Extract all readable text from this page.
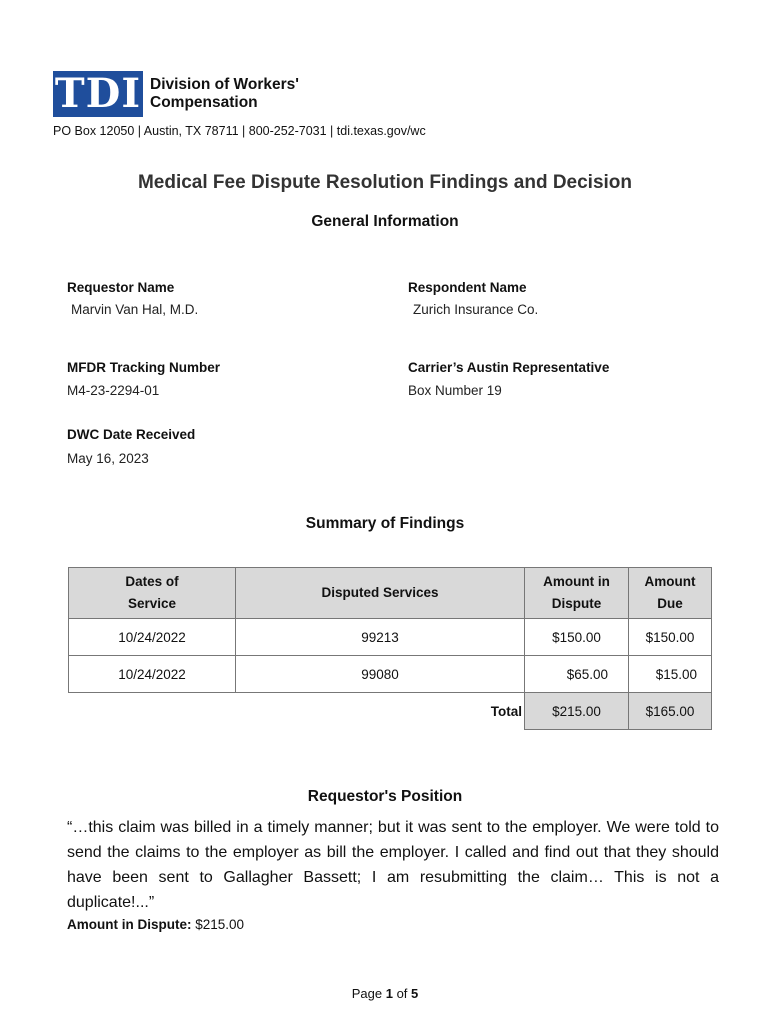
TDI Division of Workers'
Compensation
PO Box 12050 | Austin, TX 78711 | 800-252-7031 | tdi.texas.gov/wc
Medical Fee Dispute Resolution Findings and Decision
General Information
Requestor Name
Marvin Van Hal, M.D.
Respondent Name
Zurich Insurance Co.
MFDR Tracking Number
M4-23-2294-01
Carrier’s Austin Representative
Box Number 19
DWC Date Received
May 16, 2023
Summary of Findings
Dates of Service	Disputed Services	Amount in Dispute	Amount Due

10/24/2022	99213	$150.00	$150.00
10/24/2022	99080	$65.00	$15.00
	Total	$215.00	$165.00
Requestor's Position
“…this claim was billed in a timely manner; but it was sent to the employer. We were told to send the claims to the employer as bill the employer. I called and find out that they should have been sent to Gallagher Bassett; I am resubmitting the claim… This is not a duplicate!...”
Amount in Dispute: $215.00
Page 1 of 5
